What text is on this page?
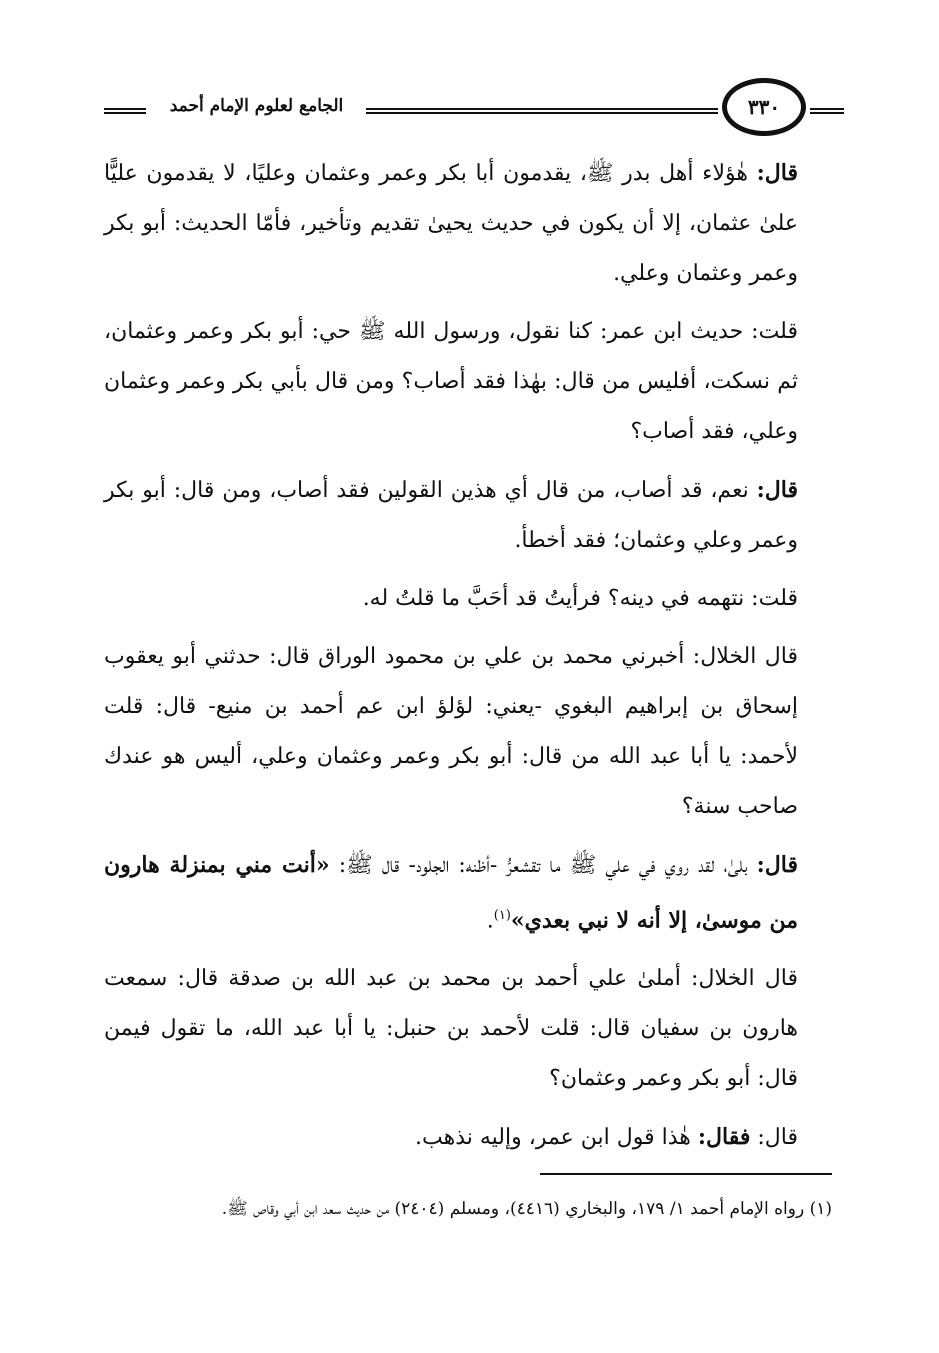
الجامع لعلوم الإمام أحمد	٣٣٠

قال: هٰؤلاء أهل بدر ﷺ، يقدمون أبا بكر وعمر وعثمان وعليًا، لا يقدمون عليًّا علىٰ عثمان، إلا أن يكون في حديث يحيىٰ تقديم وتأخير، فأمّا الحديث: أبو بكر وعمر وعثمان وعلي.

قلت: حديث ابن عمر: كنا نقول، ورسول الله ﷺ حي: أبو بكر وعمر وعثمان، ثم نسكت، أفليس من قال: بهٰذا فقد أصاب؟ ومن قال بأبي بكر وعمر وعثمان وعلي، فقد أصاب؟

قال: نعم، قد أصاب، من قال أي هذين القولين فقد أصاب، ومن قال: أبو بكر وعمر وعلي وعثمان؛ فقد أخطأ.

قلت: نتهمه في دينه؟ فرأيتُ قد أحَبَّ ما قلتُ له.

قال الخلال: أخبرني محمد بن علي بن محمود الوراق قال: حدثني أبو يعقوب إسحاق بن إبراهيم البغوي -يعني: لؤلؤ ابن عم أحمد بن منيع- قال: قلت لأحمد: يا أبا عبد الله من قال: أبو بكر وعمر وعثمان وعلي، أليس هو عندك صاحب سنة؟

قال: بلىٰ، لقد روي في علي ﷺ ما تقشعرُّ -أظنه: الجلود- قال ﷺ: «أنت مني بمنزلة هارون من موسىٰ، إلا أنه لا نبي بعدي»$^{(١)}$.

قال الخلال: أملىٰ علي أحمد بن محمد بن عبد الله بن صدقة قال: سمعت هارون بن سفيان قال: قلت لأحمد بن حنبل: يا أبا عبد الله، ما تقول فيمن قال: أبو بكر وعمر وعثمان؟

قال: فقال: هٰذا قول ابن عمر، وإليه نذهب.

(١) رواه الإمام أحمد ١/ ١٧٩، والبخاري (٤٤١٦)، ومسلم (٢٤٠٤) من حديث سعد ابن أبي وقاص ﷺ.
